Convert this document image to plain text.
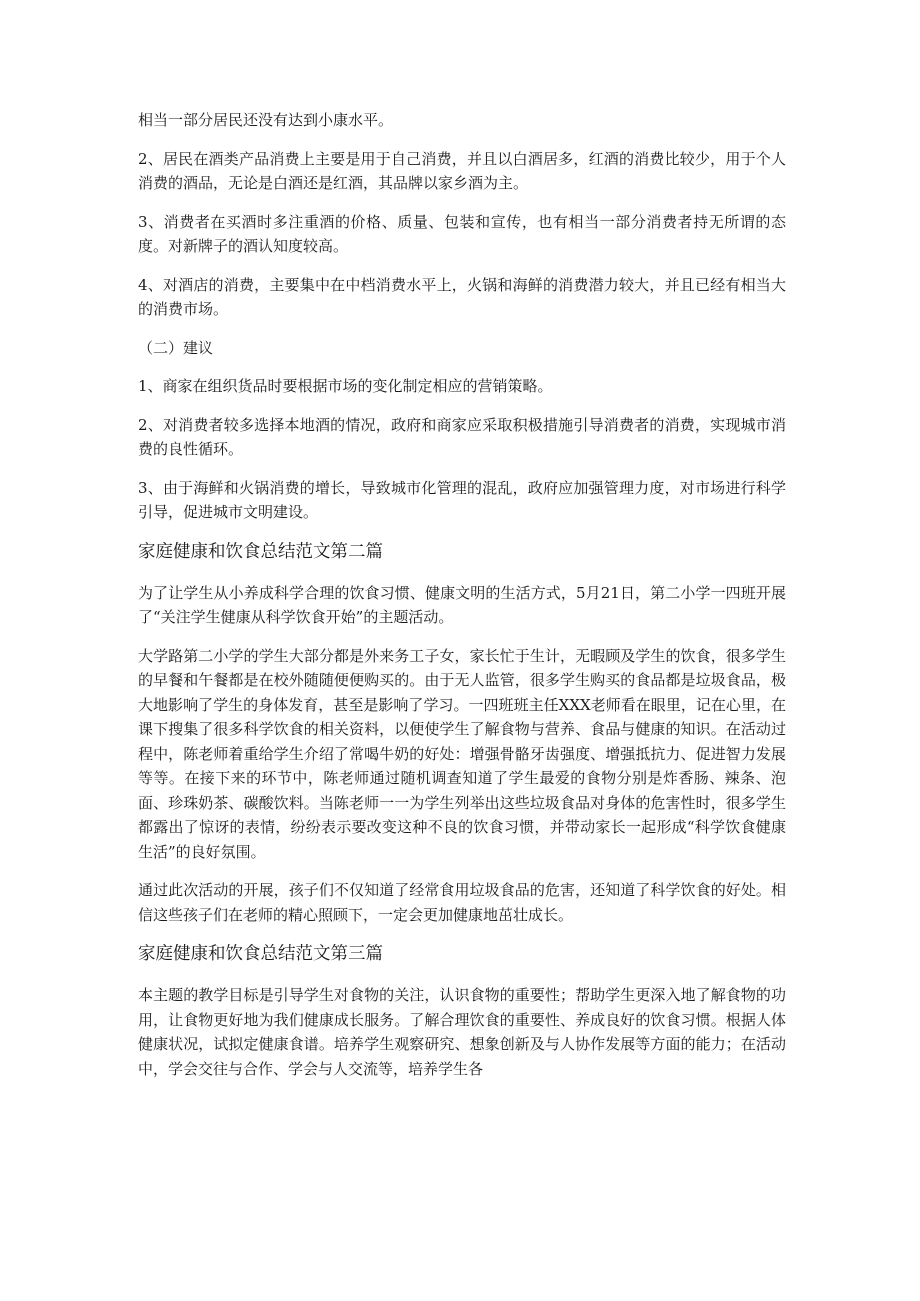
相当一部分居民还没有达到小康水平。

2、居民在酒类产品消费上主要是用于自己消费，并且以白酒居多，红酒的消费比较少，用于个人消费的酒品，无论是白酒还是红酒，其品牌以家乡酒为主。

3、消费者在买酒时多注重酒的价格、质量、包装和宣传，也有相当一部分消费者持无所谓的态度。对新牌子的酒认知度较高。

4、对酒店的消费，主要集中在中档消费水平上，火锅和海鲜的消费潜力较大，并且已经有相当大的消费市场。

（二）建议

1、商家在组织货品时要根据市场的变化制定相应的营销策略。

2、对消费者较多选择本地酒的情况，政府和商家应采取积极措施引导消费者的消费，实现城市消费的良性循环。

3、由于海鲜和火锅消费的增长，导致城市化管理的混乱，政府应加强管理力度，对市场进行科学引导，促进城市文明建设。

家庭健康和饮食总结范文第二篇

为了让学生从小养成科学合理的饮食习惯、健康文明的生活方式，5月21日，第二小学一四班开展了“关注学生健康从科学饮食开始”的主题活动。

大学路第二小学的学生大部分都是外来务工子女，家长忙于生计，无暇顾及学生的饮食，很多学生的早餐和午餐都是在校外随随便便购买的。由于无人监管，很多学生购买的食品都是垃圾食品，极大地影响了学生的身体发育，甚至是影响了学习。一四班班主任XXX老师看在眼里，记在心里，在课下搜集了很多科学饮食的相关资料，以便使学生了解食物与营养、食品与健康的知识。在活动过程中，陈老师着重给学生介绍了常喝牛奶的好处：增强骨骼牙齿强度、增强抵抗力、促进智力发展等等。在接下来的环节中，陈老师通过随机调查知道了学生最爱的食物分别是炸香肠、辣条、泡面、珍珠奶茶、碳酸饮料。当陈老师一一为学生列举出这些垃圾食品对身体的危害性时，很多学生都露出了惊讶的表情，纷纷表示要改变这种不良的饮食习惯，并带动家长一起形成“科学饮食健康生活”的良好氛围。

通过此次活动的开展，孩子们不仅知道了经常食用垃圾食品的危害，还知道了科学饮食的好处。相信这些孩子们在老师的精心照顾下，一定会更加健康地茁壮成长。

家庭健康和饮食总结范文第三篇

本主题的教学目标是引导学生对食物的关注，认识食物的重要性；帮助学生更深入地了解食物的功用，让食物更好地为我们健康成长服务。了解合理饮食的重要性、养成良好的饮食习惯。根据人体健康状况，试拟定健康食谱。培养学生观察研究、想象创新及与人协作发展等方面的能力；在活动中，学会交往与合作、学会与人交流等，培养学生各
